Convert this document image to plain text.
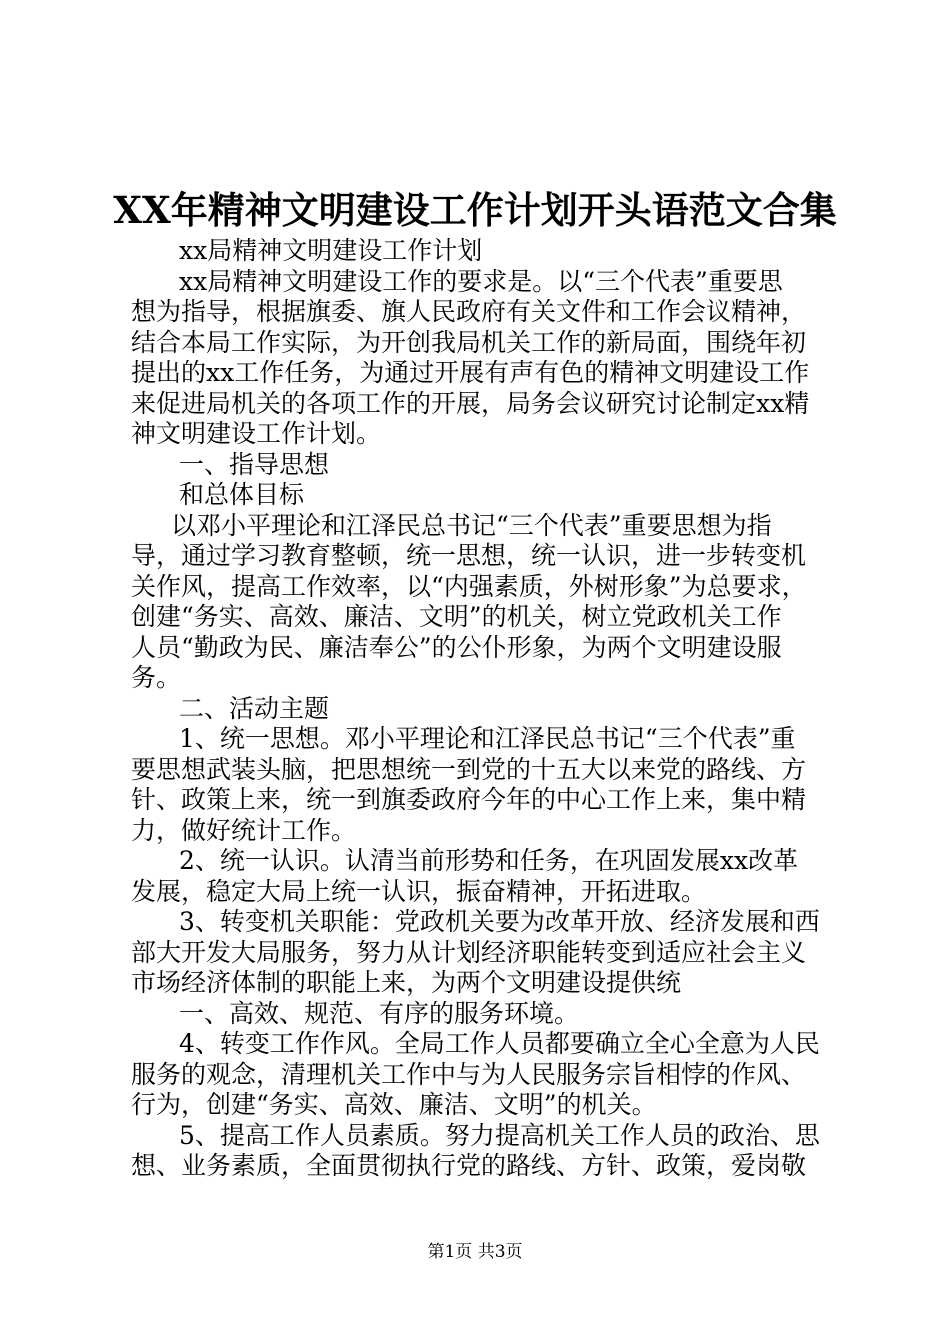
XX年精神文明建设工作计划开头语范文合集
xx局精神文明建设工作计划
xx局精神文明建设工作的要求是。以“三个代表”重要思
想为指导，根据旗委、旗人民政府有关文件和工作会议精神，
结合本局工作实际，为开创我局机关工作的新局面，围绕年初
提出的xx工作任务，为通过开展有声有色的精神文明建设工作
来促进局机关的各项工作的开展，局务会议研究讨论制定xx精
神文明建设工作计划。
一、指导思想
和总体目标
以邓小平理论和江泽民总书记“三个代表”重要思想为指
导，通过学习教育整顿，统一思想，统一认识，进一步转变机
关作风，提高工作效率，以“内强素质，外树形象”为总要求，
创建“务实、高效、廉洁、文明”的机关，树立党政机关工作
人员“勤政为民、廉洁奉公”的公仆形象，为两个文明建设服
务。
二、活动主题
1、统一思想。邓小平理论和江泽民总书记“三个代表”重
要思想武装头脑，把思想统一到党的十五大以来党的路线、方
针、政策上来，统一到旗委政府今年的中心工作上来，集中精
力，做好统计工作。
2、统一认识。认清当前形势和任务，在巩固发展xx改革
发展，稳定大局上统一认识，振奋精神，开拓进取。
3、转变机关职能：党政机关要为改革开放、经济发展和西
部大开发大局服务，努力从计划经济职能转变到适应社会主义
市场经济体制的职能上来，为两个文明建设提供统
一、高效、规范、有序的服务环境。
4、转变工作作风。全局工作人员都要确立全心全意为人民
服务的观念，清理机关工作中与为人民服务宗旨相悖的作风、
行为，创建“务实、高效、廉洁、文明”的机关。
5、提高工作人员素质。努力提高机关工作人员的政治、思
想、业务素质，全面贯彻执行党的路线、方针、政策，爱岗敬
第1页 共3页
